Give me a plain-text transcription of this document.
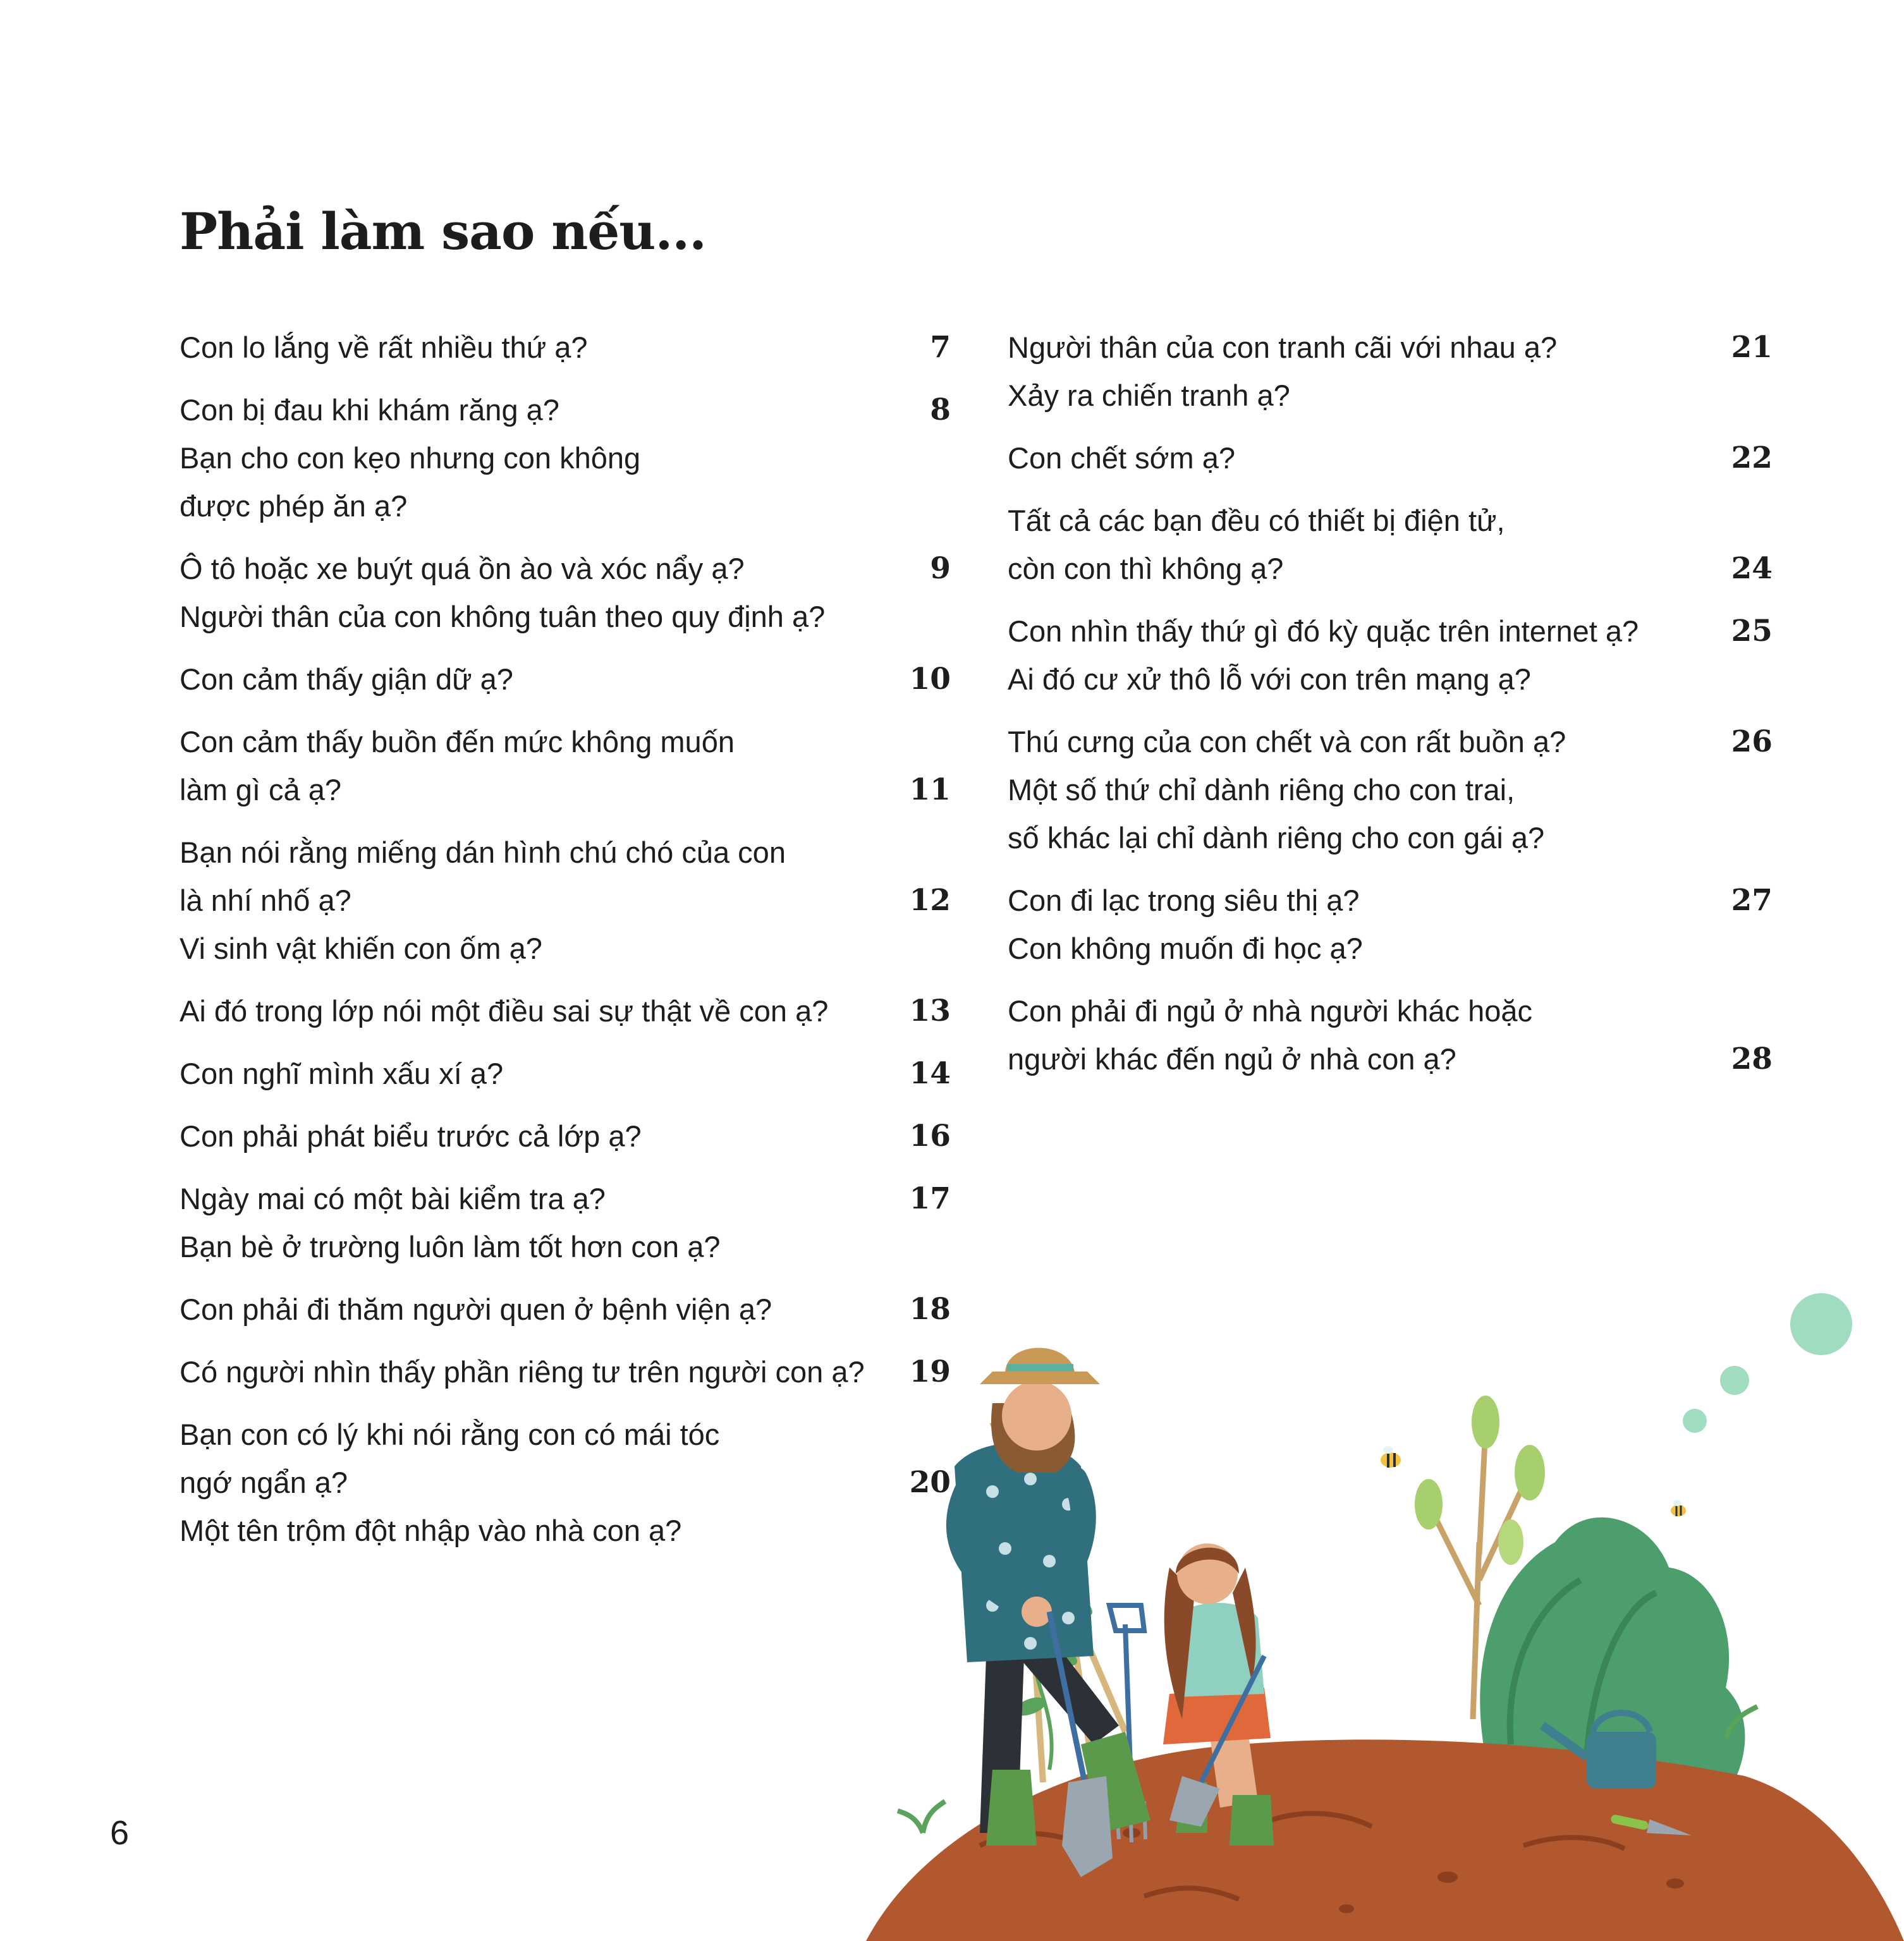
Phải làm sao nếu...
Con lo lắng về rất nhiều thứ ạ?	7
Con bị đau khi khám răng ạ?	8
Bạn cho con kẹo nhưng con không
được phép ăn ạ?
Ô tô hoặc xe buýt quá ồn ào và xóc nẩy ạ?	9
Người thân của con không tuân theo quy định ạ?
Con cảm thấy giận dữ ạ?	10
Con cảm thấy buồn đến mức không muốn
làm gì cả ạ?	11
Bạn nói rằng miếng dán hình chú chó của con
là nhí nhố ạ?	12
Vi sinh vật khiến con ốm ạ?
Ai đó trong lớp nói một điều sai sự thật về con ạ?	13
Con nghĩ mình xấu xí ạ?	14
Con phải phát biểu trước cả lớp ạ?	16
Ngày mai có một bài kiểm tra ạ?	17
Bạn bè ở trường luôn làm tốt hơn con ạ?
Con phải đi thăm người quen ở bệnh viện ạ?	18
Có người nhìn thấy phần riêng tư trên người con ạ? 19
Bạn con có lý khi nói rằng con có mái tóc
ngớ ngẩn ạ?	20
Một tên trộm đột nhập vào nhà con ạ?
Người thân của con tranh cãi với nhau ạ?	21
Xảy ra chiến tranh ạ?
Con chết sớm ạ?	22
Tất cả các bạn đều có thiết bị điện tử,
còn con thì không ạ?	24
Con nhìn thấy thứ gì đó kỳ quặc trên internet ạ?	25
Ai đó cư xử thô lỗ với con trên mạng ạ?
Thú cưng của con chết và con rất buồn ạ?	26
Một số thứ chỉ dành riêng cho con trai,
số khác lại chỉ dành riêng cho con gái ạ?
Con đi lạc trong siêu thị ạ?	27
Con không muốn đi học ạ?
Con phải đi ngủ ở nhà người khác hoặc
người khác đến ngủ ở nhà con ạ?	28
6
